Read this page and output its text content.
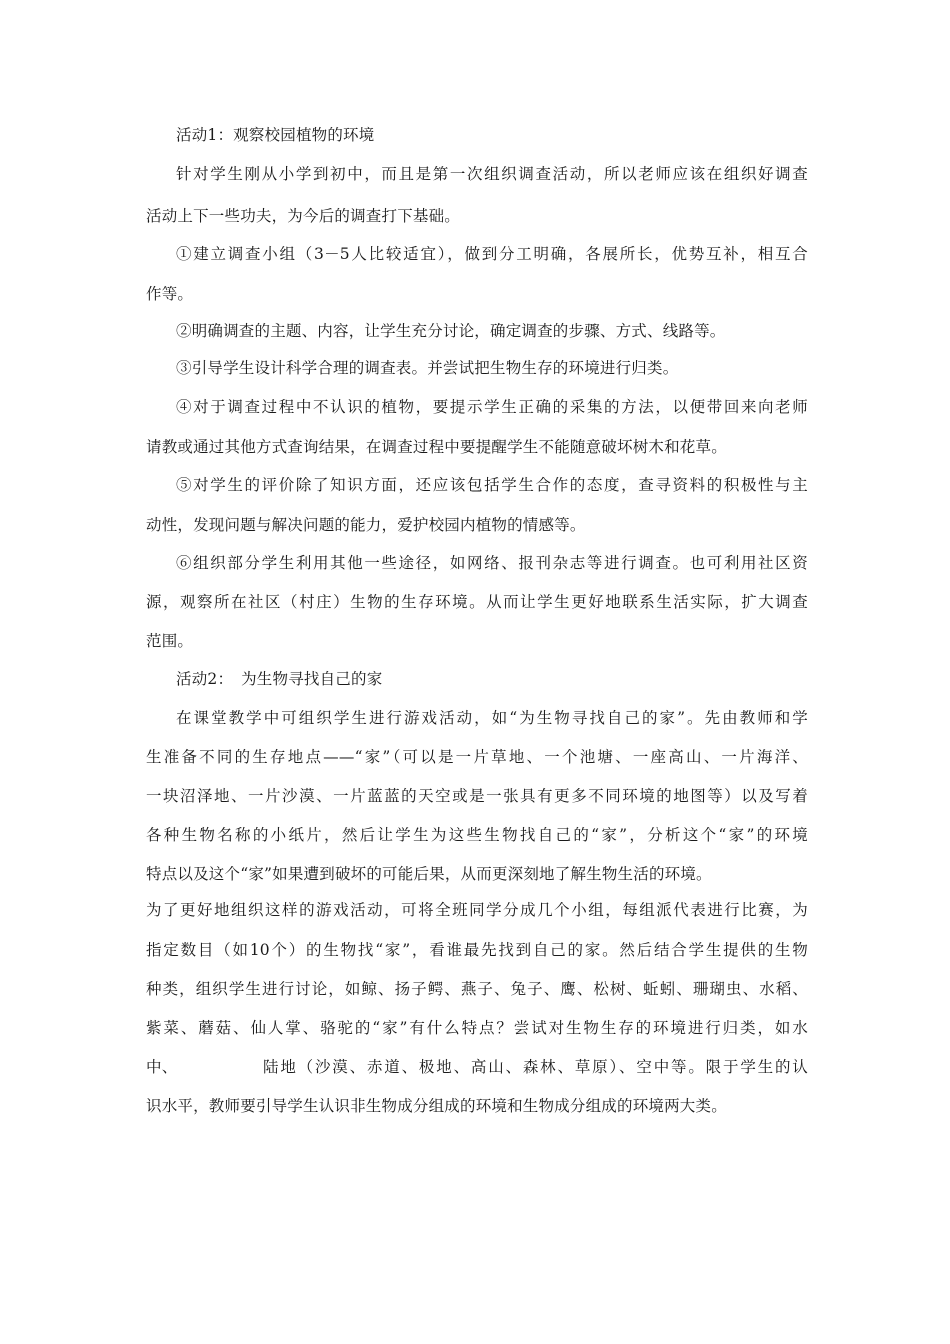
活动1：观察校园植物的环境
针对学生刚从小学到初中，而且是第一次组织调查活动，所以老师应该在组织好调查
活动上下一些功夫，为今后的调查打下基础。
①建立调查小组（3－5人比较适宜），做到分工明确，各展所长，优势互补，相互合
作等。
②明确调查的主题、内容，让学生充分讨论，确定调查的步骤、方式、线路等。
③引导学生设计科学合理的调查表。并尝试把生物生存的环境进行归类。
④对于调查过程中不认识的植物，要提示学生正确的采集的方法，以便带回来向老师
请教或通过其他方式查询结果，在调查过程中要提醒学生不能随意破坏树木和花草。
⑤对学生的评价除了知识方面，还应该包括学生合作的态度，查寻资料的积极性与主
动性，发现问题与解决问题的能力，爱护校园内植物的情感等。
⑥组织部分学生利用其他一些途径，如网络、报刊杂志等进行调查。也可利用社区资
源，观察所在社区（村庄）生物的生存环境。从而让学生更好地联系生活实际，扩大调查
范围。
活动2：　为生物寻找自己的家
在课堂教学中可组织学生进行游戏活动，如“为生物寻找自己的家”。先由教师和学
生准备不同的生存地点——“家”（可以是一片草地、一个池塘、一座高山、一片海洋、
一块沼泽地、一片沙漠、一片蓝蓝的天空或是一张具有更多不同环境的地图等）以及写着
各种生物名称的小纸片，然后让学生为这些生物找自己的“家”，分析这个“家”的环境
特点以及这个“家”如果遭到破坏的可能后果，从而更深刻地了解生物生活的环境。
为了更好地组织这样的游戏活动，可将全班同学分成几个小组，每组派代表进行比赛，为
指定数目（如10个）的生物找“家”，看谁最先找到自己的家。然后结合学生提供的生物
种类，组织学生进行讨论，如鲸、扬子鳄、燕子、兔子、鹰、松树、蚯蚓、珊瑚虫、水稻、
紫菜、蘑菇、仙人掌、骆驼的“家”有什么特点？尝试对生物生存的环境进行归类，如水
中、	陆地（沙漠、赤道、极地、高山、森林、草原）、空中等。限于学生的认
识水平，教师要引导学生认识非生物成分组成的环境和生物成分组成的环境两大类。
